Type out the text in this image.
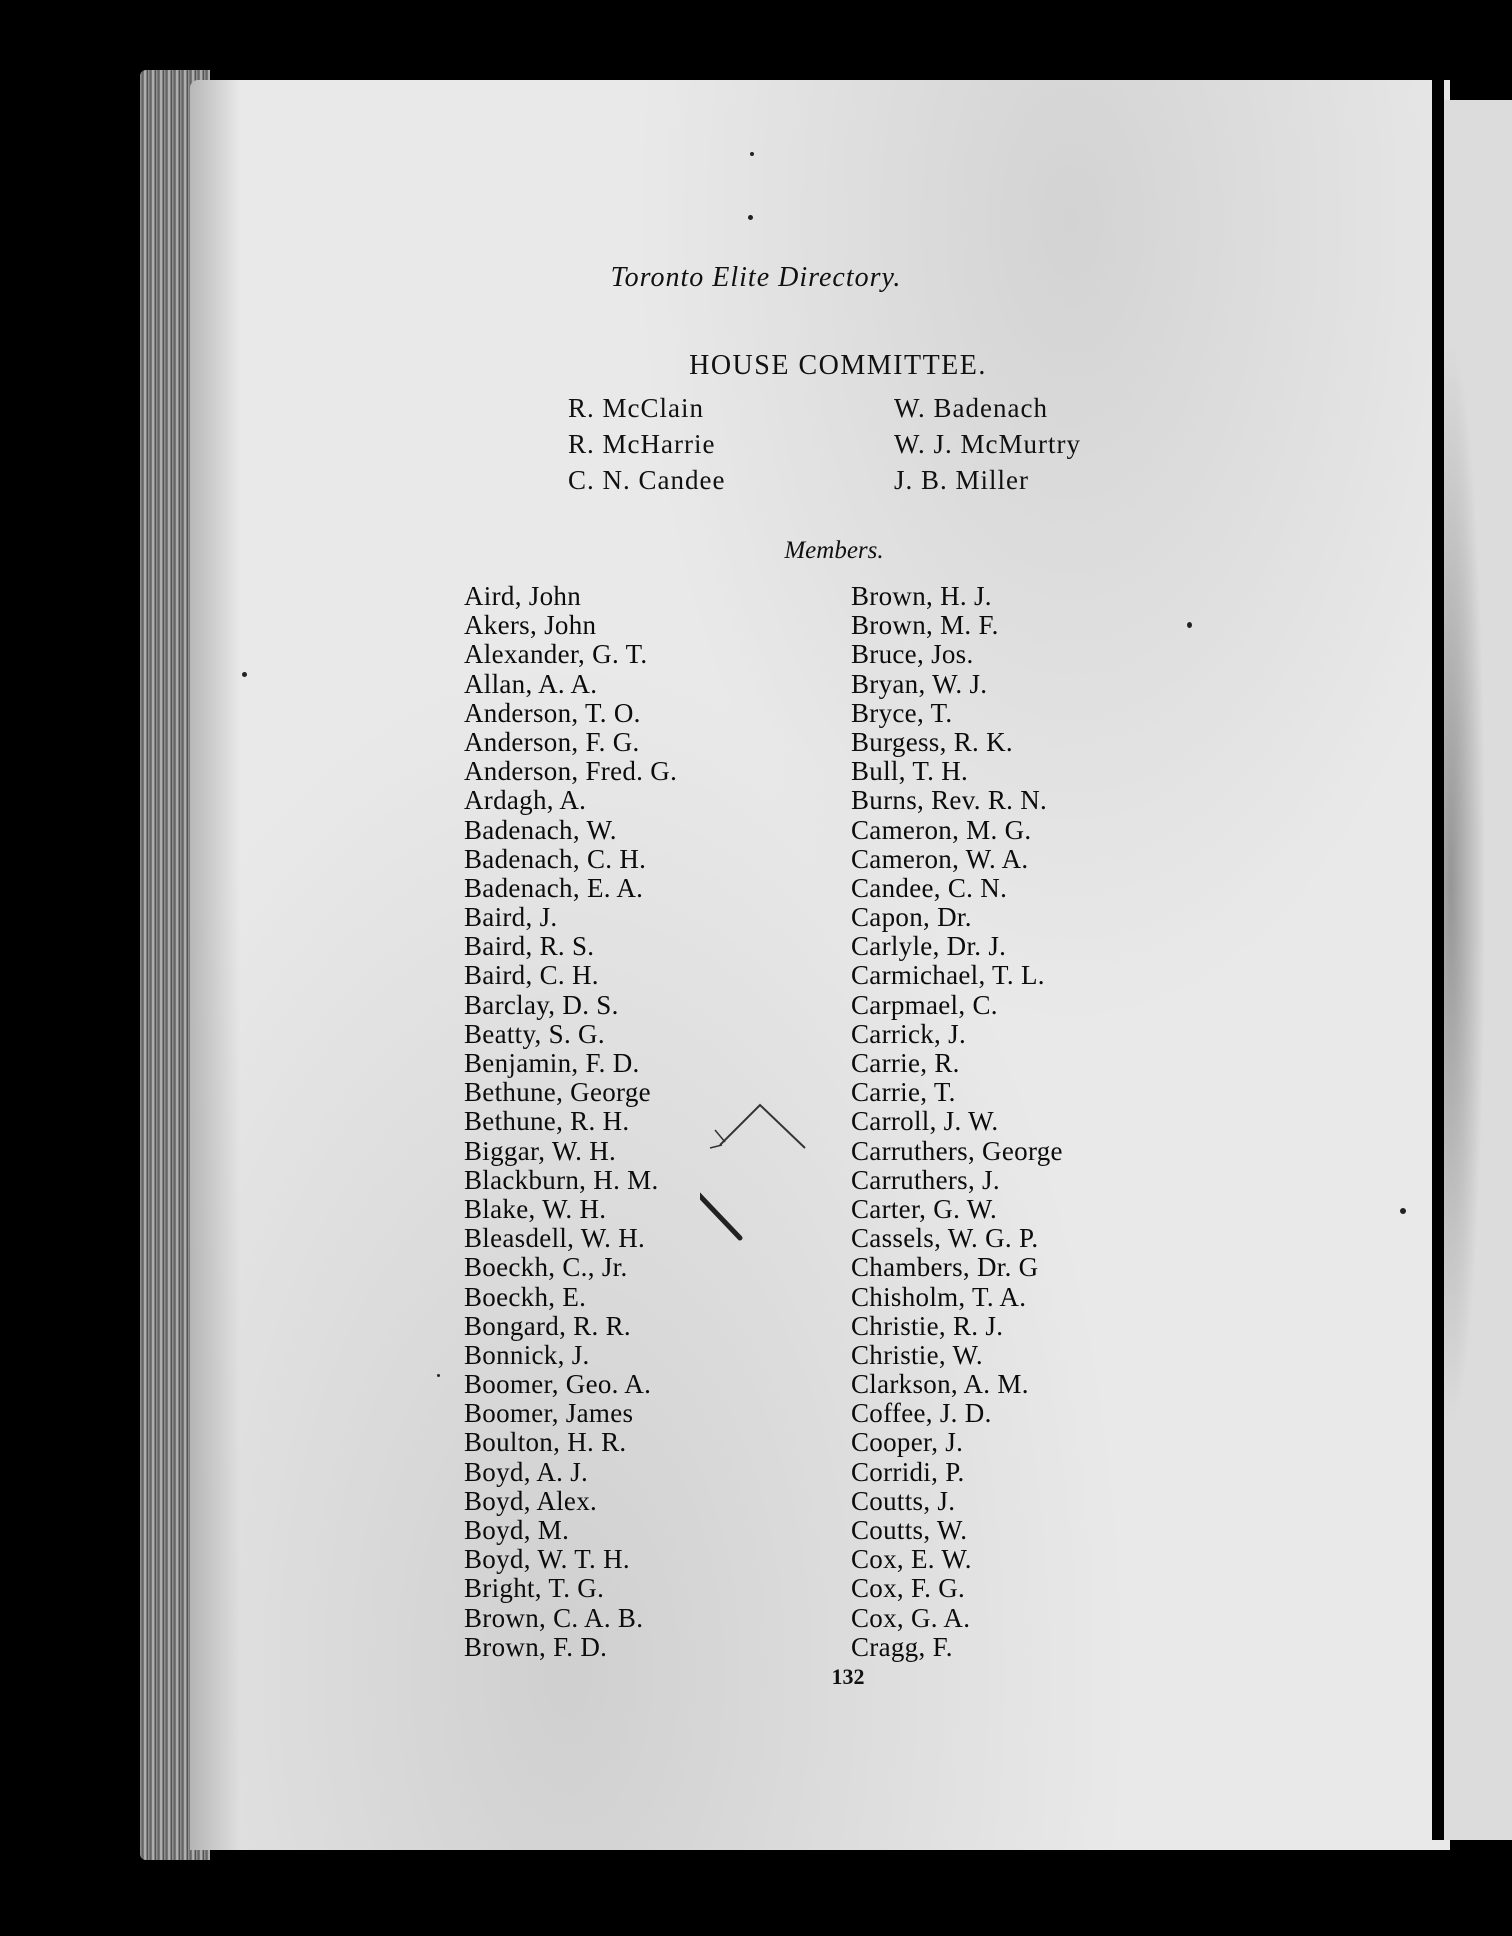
Toronto Elite Directory.
HOUSE COMMITTEE.
R. McClain	W. Badenach
R. McHarrie	W. J. McMurtry
C. N. Candee	J. B. Miller
Members.
Aird, John
Akers, John
Alexander, G. T.
Allan, A. A.
Anderson, T. O.
Anderson, F. G.
Anderson, Fred. G.
Ardagh, A.
Badenach, W.
Badenach, C. H.
Badenach, E. A.
Baird, J.
Baird, R. S.
Baird, C. H.
Barclay, D. S.
Beatty, S. G.
Benjamin, F. D.
Bethune, George
Bethune, R. H.
Biggar, W. H.
Blackburn, H. M.
Blake, W. H.
Bleasdell, W. H.
Boeckh, C., Jr.
Boeckh, E.
Bongard, R. R.
Bonnick, J.
Boomer, Geo. A.
Boomer, James
Boulton, H. R.
Boyd, A. J.
Boyd, Alex.
Boyd, M.
Boyd, W. T. H.
Bright, T. G.
Brown, C. A. B.
Brown, F. D.
Brown, H. J.
Brown, M. F.
Bruce, Jos.
Bryan, W. J.
Bryce, T.
Burgess, R. K.
Bull, T. H.
Burns, Rev. R. N.
Cameron, M. G.
Cameron, W. A.
Candee, C. N.
Capon, Dr.
Carlyle, Dr. J.
Carmichael, T. L.
Carpmael, C.
Carrick, J.
Carrie, R.
Carrie, T.
Carroll, J. W.
Carruthers, George
Carruthers, J.
Carter, G. W.
Cassels, W. G. P.
Chambers, Dr. G
Chisholm, T. A.
Christie, R. J.
Christie, W.
Clarkson, A. M.
Coffee, J. D.
Cooper, J.
Corridi, P.
Coutts, J.
Coutts, W.
Cox, E. W.
Cox, F. G.
Cox, G. A.
Cragg, F.
132
